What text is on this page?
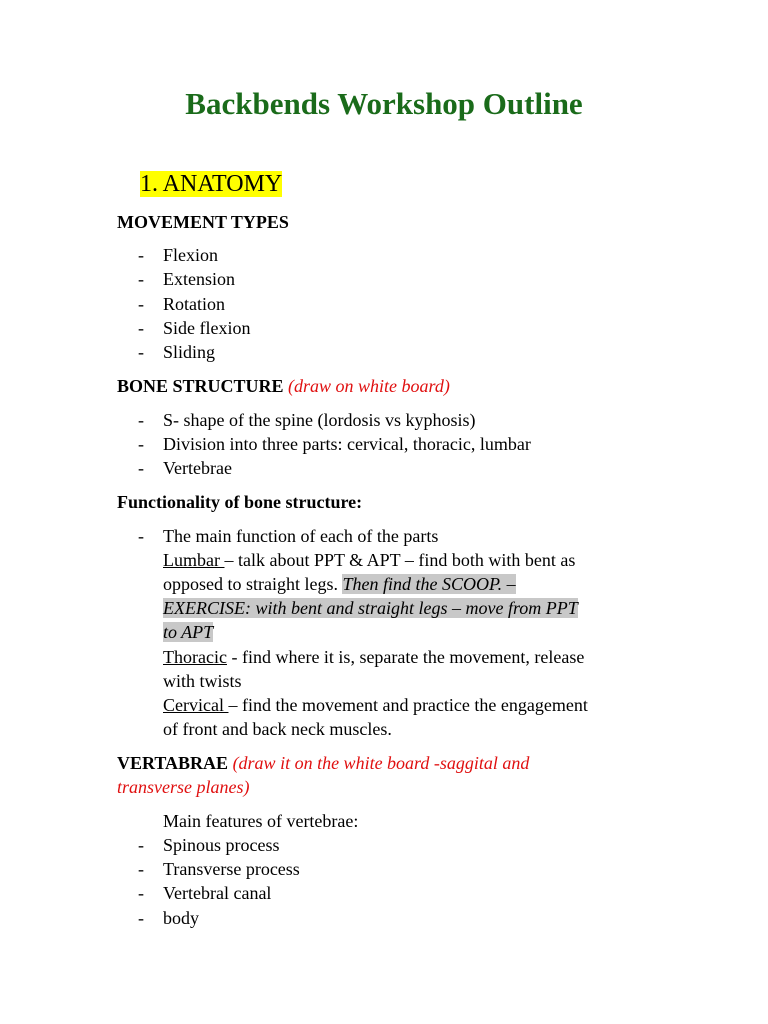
Backbends Workshop Outline
1. ANATOMY
MOVEMENT TYPES
- Flexion
- Extension
- Rotation
- Side flexion
- Sliding
BONE STRUCTURE (draw on white board)
- S- shape of the spine (lordosis vs kyphosis)
- Division into three parts: cervical, thoracic, lumbar
- Vertebrae
Functionality of bone structure:
- The main function of each of the parts
Lumbar – talk about PPT & APT – find both with bent as
opposed to straight legs. Then find the SCOOP. –
EXERCISE: with bent and straight legs – move from PPT
to APT
Thoracic - find where it is, separate the movement, release
with twists
Cervical – find the movement and practice the engagement
of front and back neck muscles.
VERTABRAE (draw it on the white board -saggital and
transverse planes)
Main features of vertebrae:
- Spinous process
- Transverse process
- Vertebral canal
- body
